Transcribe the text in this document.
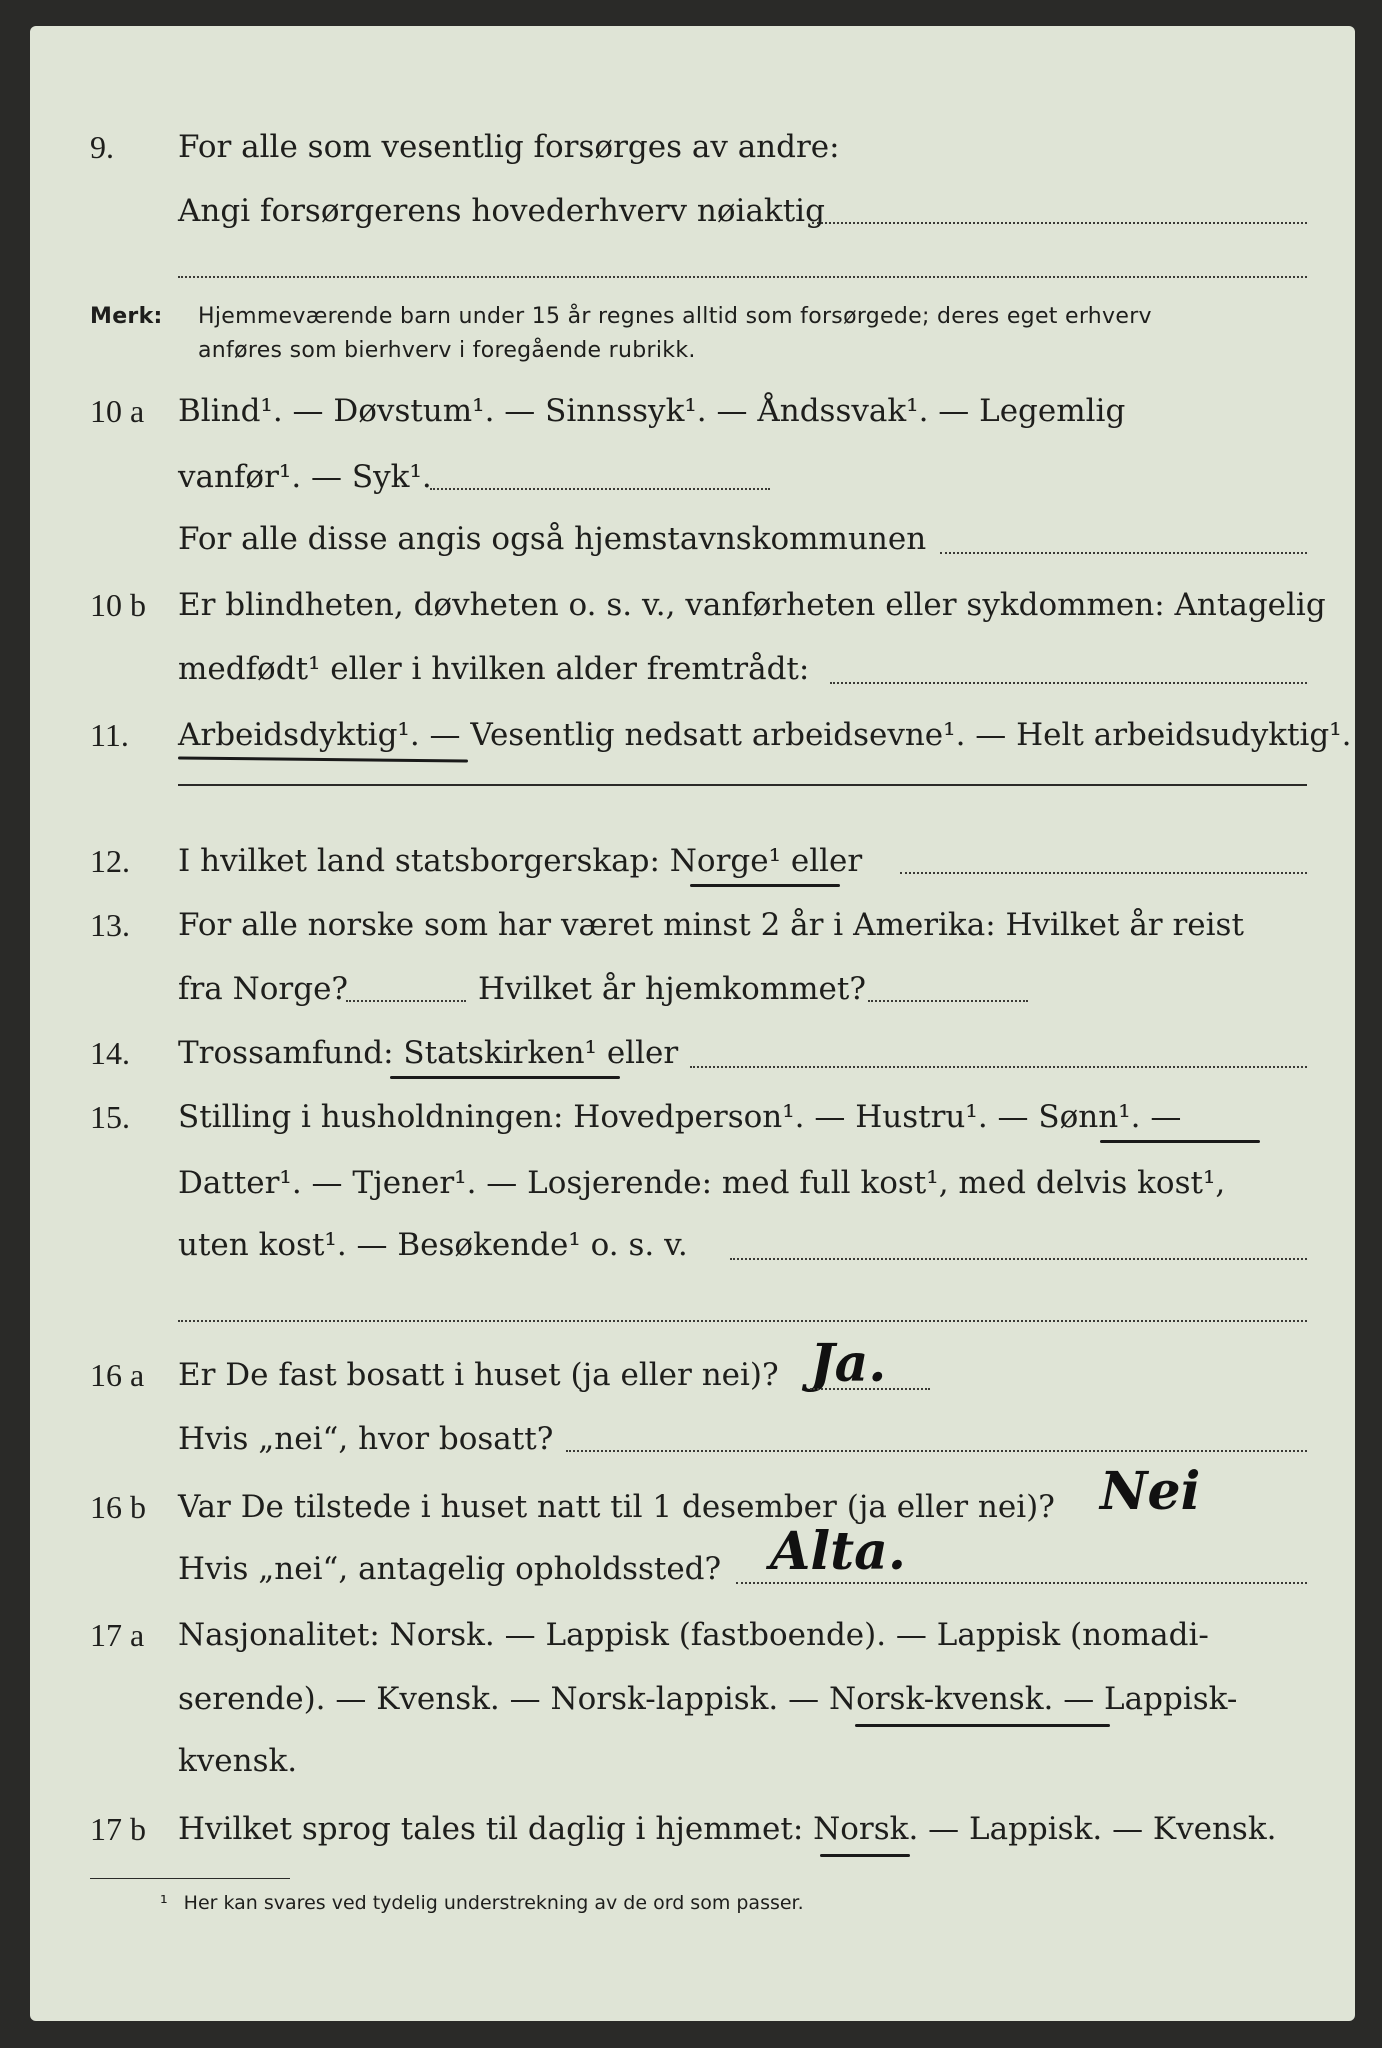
9.	For alle som vesentlig forsørges av andre:
Angi forsørgerens hovederhverv nøiaktig
Merk: Hjemmeværende barn under 15 år regnes alltid som forsørgede; deres eget erhverv
anføres som bierhverv i foregående rubrikk.
10 a	Blind¹. — Døvstum¹. — Sinnssyk¹. — Åndssvak¹. — Legemlig
vanfør¹. — Syk¹.
For alle disse angis også hjemstavnskommunen
10 b	Er blindheten, døvheten o. s. v., vanførheten eller sykdommen: Antagelig
medfødt¹ eller i hvilken alder fremtrådt:
11.	Arbeidsdyktig¹. — Vesentlig nedsatt arbeidsevne¹. — Helt arbeidsudyktig¹.
12.	I hvilket land statsborgerskap: Norge¹ eller
13.	For alle norske som har været minst 2 år i Amerika: Hvilket år reist
fra Norge?	Hvilket år hjemkommet?
14.	Trossamfund: Statskirken¹ eller
15.	Stilling i husholdningen: Hovedperson¹. — Hustru¹. — Sønn¹. —
Datter¹. — Tjener¹. — Losjerende: med full kost¹, med delvis kost¹,
uten kost¹. — Besøkende¹ o. s. v.
16 a	Er De fast bosatt i huset (ja eller nei)? Ja.
Hvis „nei“, hvor bosatt?
16 b	Var De tilstede i huset natt til 1 desember (ja eller nei)? Nei
Hvis „nei“, antagelig opholdssted? Alta.
17 a	Nasjonalitet: Norsk. — Lappisk (fastboende). — Lappisk (nomadi-
serende). — Kvensk. — Norsk-lappisk. — Norsk-kvensk. — Lappisk-
kvensk.
17 b	Hvilket sprog tales til daglig i hjemmet: Norsk. — Lappisk. — Kvensk.
¹ Her kan svares ved tydelig understrekning av de ord som passer.
